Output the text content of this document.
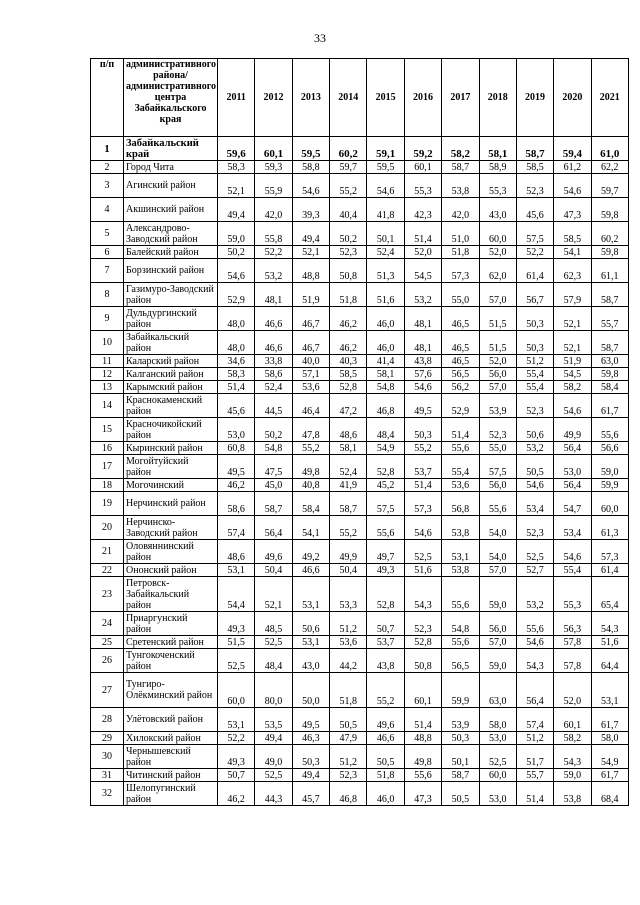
33
п/п	административного района/ административного центра Забайкальского края	2011	2012	2013	2014	2015	2016	2017	2018	2019	2020	2021
1	Забайкальский край	59,6	60,1	59,5	60,2	59,1	59,2	58,2	58,1	58,7	59,4	61,0
2	Город Чита	58,3	59,3	58,8	59,7	59,5	60,1	58,7	58,9	58,5	61,2	62,2
3	Агинский район	52,1	55,9	54,6	55,2	54,6	55,3	53,8	55,3	52,3	54,6	59,7
4	Акшинский район	49,4	42,0	39,3	40,4	41,8	42,3	42,0	43,0	45,6	47,3	59,8
5	Александрово-Заводский район	59,0	55,8	49,4	50,2	50,1	51,4	51,0	60,0	57,5	58,5	60,2
6	Балейский район	50,2	52,2	52,1	52,3	52,4	52,0	51,8	52,0	52,2	54,1	59,8
7	Борзинский район	54,6	53,2	48,8	50,8	51,3	54,5	57,3	62,0	61,4	62,3	61,1
8	Газимуро-Заводский район	52,9	48,1	51,9	51,8	51,6	53,2	55,0	57,0	56,7	57,9	58,7
9	Дульдургинский район	48,0	46,6	46,7	46,2	46,0	48,1	46,5	51,5	50,3	52,1	55,7
10	Забайкальский район	48,0	46,6	46,7	46,2	46,0	48,1	46,5	51,5	50,3	52,1	58,7
11	Каларский район	34,6	33,8	40,0	40,3	41,4	43,8	46,5	52,0	51,2	51,9	63,0
12	Калганский район	58,3	58,6	57,1	58,5	58,1	57,6	56,5	56,0	55,4	54,5	59,8
13	Карымский район	51,4	52,4	53,6	52,8	54,8	54,6	56,2	57,0	55,4	58,2	58,4
14	Краснокаменский район	45,6	44,5	46,4	47,2	46,8	49,5	52,9	53,9	52,3	54,6	61,7
15	Красночикойский район	53,0	50,2	47,8	48,6	48,4	50,3	51,4	52,3	50,6	49,9	55,6
16	Кыринский район	60,8	54,8	55,2	58,1	54,9	55,2	55,6	55,0	53,2	56,4	56,6
17	Могойтуйский район	49,5	47,5	49,8	52,4	52,8	53,7	55,4	57,5	50,5	53,0	59,0
18	Могочинский	46,2	45,0	40,8	41,9	45,2	51,4	53,6	56,0	54,6	56,4	59,9
19	Нерчинский район	58,6	58,7	58,4	58,7	57,5	57,3	56,8	55,6	53,4	54,7	60,0
20	Нерчинско-Заводский район	57,4	56,4	54,1	55,2	55,6	54,6	53,8	54,0	52,3	53,4	61,3
21	Оловяннинский район	48,6	49,6	49,2	49,9	49,7	52,5	53,1	54,0	52,5	54,6	57,3
22	Ононский район	53,1	50,4	46,6	50,4	49,3	51,6	53,8	57,0	52,7	55,4	61,4
23	Петровск-Забайкальский район	54,4	52,1	53,1	53,3	52,8	54,3	55,6	59,0	53,2	55,3	65,4
24	Приаргунский район	49,3	48,5	50,6	51,2	50,7	52,3	54,8	56,0	55,6	56,3	54,3
25	Сретенский район	51,5	52,5	53,1	53,6	53,7	52,8	55,6	57,0	54,6	57,8	51,6
26	Тунгокоченский район	52,5	48,4	43,0	44,2	43,8	50,8	56,5	59,0	54,3	57,8	64,4
27	Тунгиро-Олёкминский район	60,0	80,0	50,0	51,8	55,2	60,1	59,9	63,0	56,4	52,0	53,1
28	Улётовский район	53,1	53,5	49,5	50,5	49,6	51,4	53,9	58,0	57,4	60,1	61,7
29	Хилокский район	52,2	49,4	46,3	47,9	46,6	48,8	50,3	53,0	51,2	58,2	58,0
30	Чернышевский район	49,3	49,0	50,3	51,2	50,5	49,8	50,1	52,5	51,7	54,3	54,9
31	Читинский район	50,7	52,5	49,4	52,3	51,8	55,6	58,7	60,0	55,7	59,0	61,7
32	Шелопугинский район	46,2	44,3	45,7	46,8	46,0	47,3	50,5	53,0	51,4	53,8	68,4
